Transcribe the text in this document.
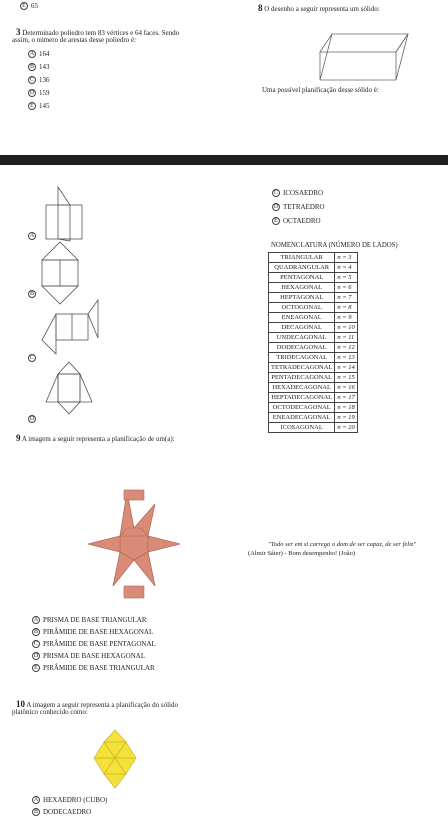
E 65
3 Determinado poliedro tem 83 vértices e 64 faces. Sendo
assim, o número de arestas desse poliedro é:
A 164
B 143
C 136
D 159
E 145
8 O desenho a seguir representa um sólido:
Uma possível planificação desse sólido é:
A
B
C
D
C ICOSAEDRO
D TETRAEDRO
E OCTAEDRO
NOMENCLATURA (NÚMERO DE LADOS)
TRIANGULAR	n = 3
QUADRANGULAR	n = 4
PENTAGONAL	n = 5
HEXAGONAL	n = 6
HEPTAGONAL	n = 7
OCTOGONAL	n = 8
ENEAGONAL	n = 9
DECAGONAL	n = 10
UNDECAGONAL	n = 11
DODECAGONAL	n = 12
TRIDECAGONAL	n = 13
TETRADECAGONAL	n = 14
PENTADECAGONAL	n = 15
HEXADECAGONAL	n = 16
HEPTADECAGONAL	n = 17
OCTODECAGONAL	n = 18
ENEADECAGONAL	n = 19
ICOSAGONAL	n = 20
9 A imagem a seguir representa a planificação de um(a):
"Todo ser em si carrega o dom de ser capaz, de ser feliz"
(Almir Sáter) - Bom desempenho! (João)
A PRISMA DE BASE TRIANGULAR
B PIRÂMIDE DE BASE HEXAGONAL
C PIRÂMIDE DE BASE PENTAGONAL
D PRISMA DE BASE HEXAGONAL
E PIRÂMIDE DE BASE TRIANGULAR
10 A imagem a seguir representa a planificação do sólido
platônico conhecido como:
A HEXAEDRO (CUBO)
B DODECAEDRO
